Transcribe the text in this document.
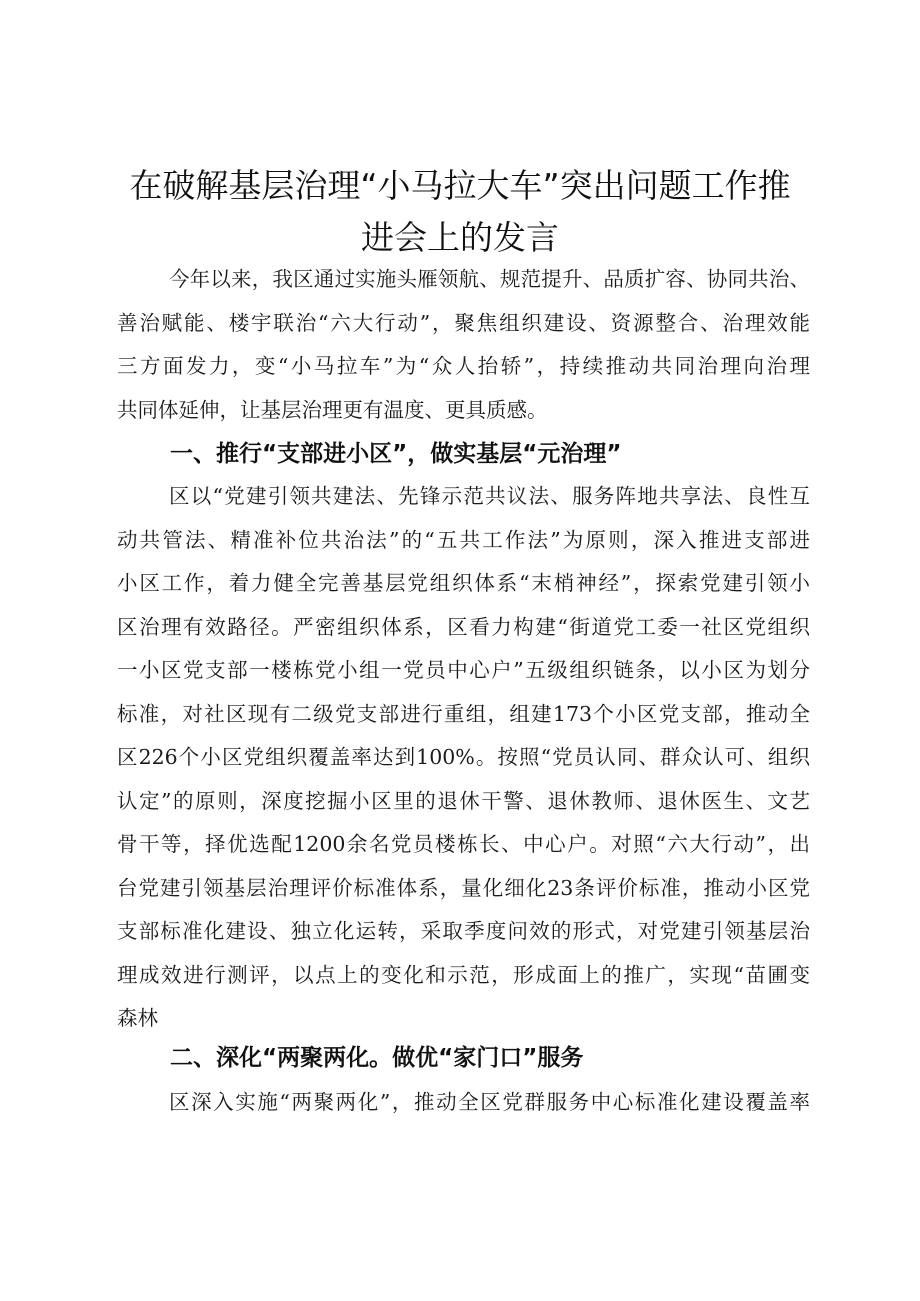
在破解基层治理“小马拉大车”突出问题工作推
进会上的发言
今年以来，我区通过实施头雁领航、规范提升、品质扩容、协同共治、
善治赋能、楼宇联治“六大行动”，聚焦组织建设、资源整合、治理效能
三方面发力，变“小马拉车”为“众人抬轿”，持续推动共同治理向治理
共同体延伸，让基层治理更有温度、更具质感。
一、推行“支部进小区”，做实基层“元治理”
区以“党建引领共建法、先锋示范共议法、服务阵地共享法、良性互
动共管法、精准补位共治法”的“五共工作法”为原则，深入推进支部进
小区工作，着力健全完善基层党组织体系“末梢神经”，探索党建引领小
区治理有效路径。严密组织体系，区看力构建“街道党工委一社区党组织
一小区党支部一楼栋党小组一党员中心户”五级组织链条，以小区为划分
标准，对社区现有二级党支部进行重组，组建173个小区党支部，推动全
区226个小区党组织覆盖率达到100%。按照“党员认同、群众认可、组织
认定”的原则，深度挖掘小区里的退休干警、退休教师、退休医生、文艺
骨干等，择优选配1200余名党员楼栋长、中心户。对照“六大行动”，出
台党建引领基层治理评价标准体系，量化细化23条评价标准，推动小区党
支部标准化建设、独立化运转，采取季度问效的形式，对党建引领基层治
理成效进行测评，以点上的变化和示范，形成面上的推广，实现“苗圃变
森林
二、深化“两聚两化。做优“家门口”服务
区深入实施“两聚两化”，推动全区党群服务中心标准化建设覆盖率
